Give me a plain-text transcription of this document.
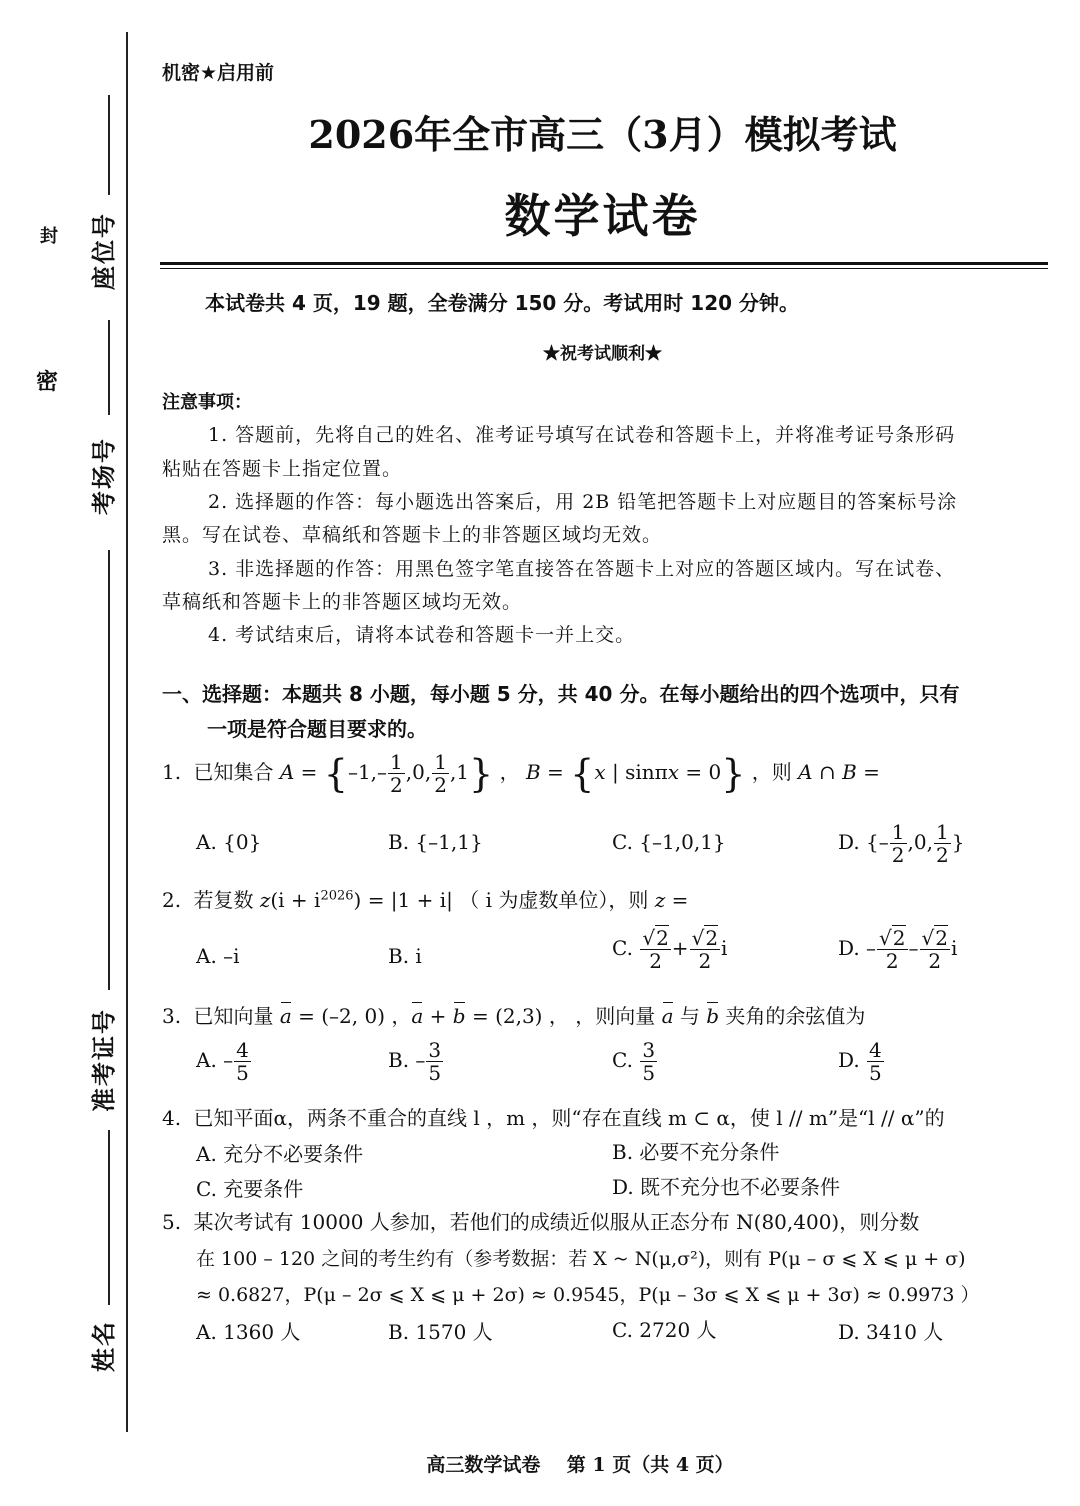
座位号
封
密
考场号
准考证号
姓名
机密★启用前
2026年全市高三（3月）模拟考试
数学试卷
本试卷共 4 页，19 题，全卷满分 150 分。考试用时 120 分钟。
★祝考试顺利★
注意事项：
1. 答题前，先将自己的姓名、准考证号填写在试卷和答题卡上，并将准考证号条形码
粘贴在答题卡上指定位置。
2. 选择题的作答：每小题选出答案后，用 2B 铅笔把答题卡上对应题目的答案标号涂
黑。写在试卷、草稿纸和答题卡上的非答题区域均无效。
3. 非选择题的作答：用黑色签字笔直接答在答题卡上对应的答题区域内。写在试卷、
草稿纸和答题卡上的非答题区域均无效。
4. 考试结束后，请将本试卷和答题卡一并上交。
一、选择题：本题共 8 小题，每小题 5 分，共 40 分。在每小题给出的四个选项中，只有
一项是符合题目要求的。
1. 已知集合 $A = \{-1,- \frac{1}{2} ,0$, $\frac{1}{2} ,1$} ， B = {x | sinπx = 0} ，则 A ∩ B =
A. {0}	B. {–1,1}	C. {–1,0,1}	D. {– $\frac{1}{2} ,0$, $\frac{1}{2}$ }
2. 若复数 $z(i + i^{2026}) = |1 + i|$ （ i 为虚数单位），则 z =
A. –i	B. i	C. $\frac{√2}{2} + \frac{√2}{2}$ i	D. – $\frac{√2}{2} - \frac{√2}{2}$ i
3. 已知向量 a = (–2, 0) ，a + b = (2,3) ， ，则向量 a 与 b 夹角的余弦值为
A. – $\frac{4}{5}$	B. – $\frac{3}{5}$	C. $\frac{3}{5}$	D. $\frac{4}{5}$
4. 已知平面α，两条不重合的直线 l ，m ，则“存在直线 m ⊂ α，使 l // m”是“l // α”的
A. 充分不必要条件	B. 必要不充分条件
C. 充要条件	D. 既不充分也不必要条件
5. 某次考试有 10000 人参加，若他们的成绩近似服从正态分布 N(80,400)，则分数
在 100 – 120 之间的考生约有（参考数据：若 X ~ N(μ,σ²)，则有 P(μ – σ ⩽ X ⩽ μ + σ)
≈ 0.6827，P(μ – 2σ ⩽ X ⩽ μ + 2σ) ≈ 0.9545，P(μ – 3σ ⩽ X ⩽ μ + 3σ) ≈ 0.9973 ）
A. 1360 人	B. 1570 人	C. 2720 人	D. 3410 人
高三数学试卷    第 1 页（共 4 页）
